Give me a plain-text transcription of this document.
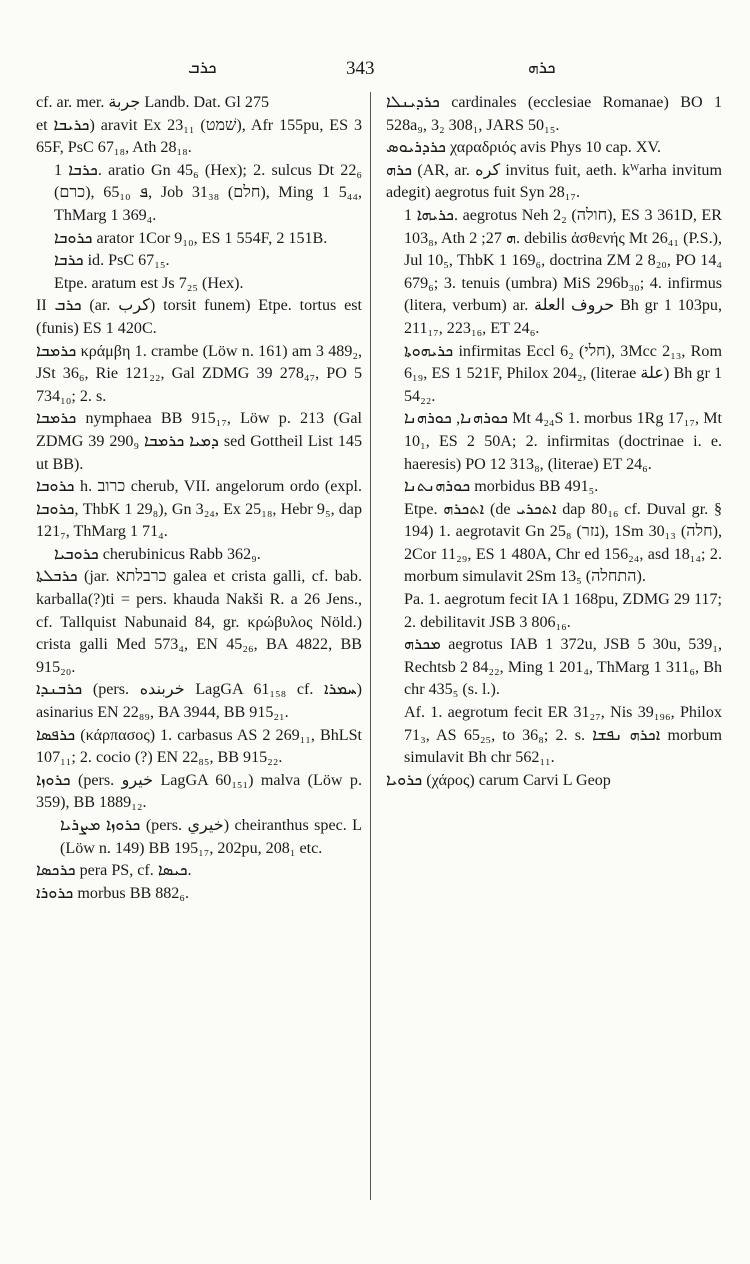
ܟܪܒ	343	ܟܪܗ

cf. ar. mer. ﺟﺮﺑﺔ Landb. Dat. Gl 275

et ܟܪܝܒܐ) aravit Ex 23₁₁ (שׁמט), Afr 155pu, ES 3 65F, PsC 67₁₈, Ath 28₁₈.

ܟܪܒܐ 1. aratio Gn 45₆ (Hex); 2. sulcus Dt 22₆ (כרם), ܦ 65₁₀, Job 31₃₈ (חלם), Ming 1 5₄₄, ThMarg 1 369₄.

ܟܪܘܒܐ arator 1Cor 9₁₀, ES 1 554F, 2 151B.

ܟܪܒܐ id. PsC 67₁₅.

Etpe. aratum est Js 7₂₅ (Hex).

II ܟܪܒ (ar. ﻛﺮﺏ) torsit funem) Etpe. tortus est (funis) ES 1 420C.

ܟܪܡܒܐ κράμβη 1. crambe (Löw n. 161) am 3 489₂, JSt 36₆, Rie 121₂₂, Gal ZDMG 39 278₄₇, PO 5 734₁₀; 2. s.

ܟܪܡܒܐ nymphaea BB 915₁₇, Löw p. 213 (Gal ZDMG 39 290₉ ܕܡܝܐ ܟܪܡܒܐ sed Gottheil List 145 ut BB).

ܟܪܘܒܐ h. כרוב cherub, VII. angelorum ordo (expl. ܟܪܘܒܐ, ThbK 1 29₈), Gn 3₂₄, Ex 25₁₈, Hebr 9₅, dap 121₇, ThMarg 1 71₄.

ܟܪܘܒܝܐ cherubinicus Rabb 362₉.

ܟܪܒܠܬܐ (jar. כרבלתא galea et crista galli, cf. bab. karballa(?)ti = pers. khauda Nakši R. a 26 Jens., cf. Tallquist Nabunaid 84, gr. κρώβυλος Nöld.) crista galli Med 573₄, EN 45₂₆, BA 4822, BB 915₂₀.

ܟܪܒܢܕܐ (pers. ﺧﺮﺑﻨﺪﻩ LagGA 61₁₅₈ cf. ܚܡܪܐ) asinarius EN 22₈₉, BA 3944, BB 915₂₁.

ܟܪܦܣܐ (κάρπασος) 1. carbasus AS 2 269₁₁, BhLSt 107₁₁; 2. cocio (?) EN 22₈₅, BB 915₂₂.

ܟܪܘܙܐ (pers. ﺧﻴﺮﻭ LagGA 60₁₅₁) malva (Löw p. 359), BB 1889₁₂.

ܟܪܘܙܐ ܡܨܪܝܐ (pers. ﺧﻴﺮﻱ) cheiranthus spec. L (Löw n. 149) BB 195₁₇, 202pu, 208₁ etc.

ܟܪܟܣܐ pera PS, cf. ܟܝܣܐ.

ܟܪܘܪܐ morbus BB 882₆.

ܟܪܕܝܢܠܐ cardinales (ecclesiae Romanae) BO 1 528a₉, 3₂ 308₁, JARS 50₁₅.

ܟܪܕܪܝܘܣ χαραδριός avis Phys 10 cap. XV.

ܟܪܗ (AR, ar. ﻛﺮﻩ invitus fuit, aeth. kᵂarha invitum adegit) aegrotus fuit Syn 28₁₇.

ܟܪܝܗܐ 1. aegrotus Neh 2₂ (חולה), ES 3 361D, ER 103₈, Ath ܗ 27; 2. debilis ἀσθενής Mt 26₄₁ (P.S.), Jul 10₅, ThbK 1 169₆, doctrina ZM 2 8₂₀, PO 14₄ 679₆; 3. tenuis (umbra) MiS 296b₃₀; 4. infirmus (litera, verbum) ar. ﺣﺮﻭﻑ ﺍﻟﻌﻠﺔ Bh gr 1 103pu, 211₁₇, 223₁₆, ET 24₆.

ܟܪܝܗܘܬܐ infirmitas Eccl 6₂ (חלי), 3Mcc 2₁₃, Rom 6₁₉, ES 1 521F, Philox 204₂, (literae ﻋﻠﺔ) Bh gr 1 54₂₂.

ܟܘܪܗܢܐ, ܟܘܪܗܢܐ Mt 4₂₄S 1. morbus 1Rg 17₁₇, Mt 10₁, ES 2 50A; 2. infirmitas (doctrinae i. e. haeresis) PO 12 313₈, (literae) ET 24₆.

ܟܘܪܗܢܬܢܐ morbidus BB 491₅.

Etpe. ܐܬܟܪܗ (de ܐܬܟܪܝ dap 80₁₆ cf. Duval gr. § 194) 1. aegrotavit Gn 25₈ (נזר), 1Sm 30₁₃ (חלה), 2Cor 11₂₉, ES 1 480A, Chr ed 156₂₄, asd 18₁₄; 2. morbum simulavit 2Sm 13₅ (התחלה).

Pa. 1. aegrotum fecit IA 1 168pu, ZDMG 29 117; 2. debilitavit JSB 3 806₁₆.

ܡܟܪܗ aegrotus IAB 1 372u, JSB 5 30u, 539₁, Rechtsb 2 84₂₂, Ming 1 201₄, ThMarg 1 311₆, Bh chr 435₅ (s. l.).

Af. 1. aegrotum fecit ER 31₂₇, Nis 39₁₉₆, Philox 71₃, AS 65₂₅, to 36₈; 2. s. ܐܟܪܗ ܢܦܫܐ morbum simulavit Bh chr 562₁₁.

ܟܪܘܝܐ (χάρος) carum Carvi L Geop
